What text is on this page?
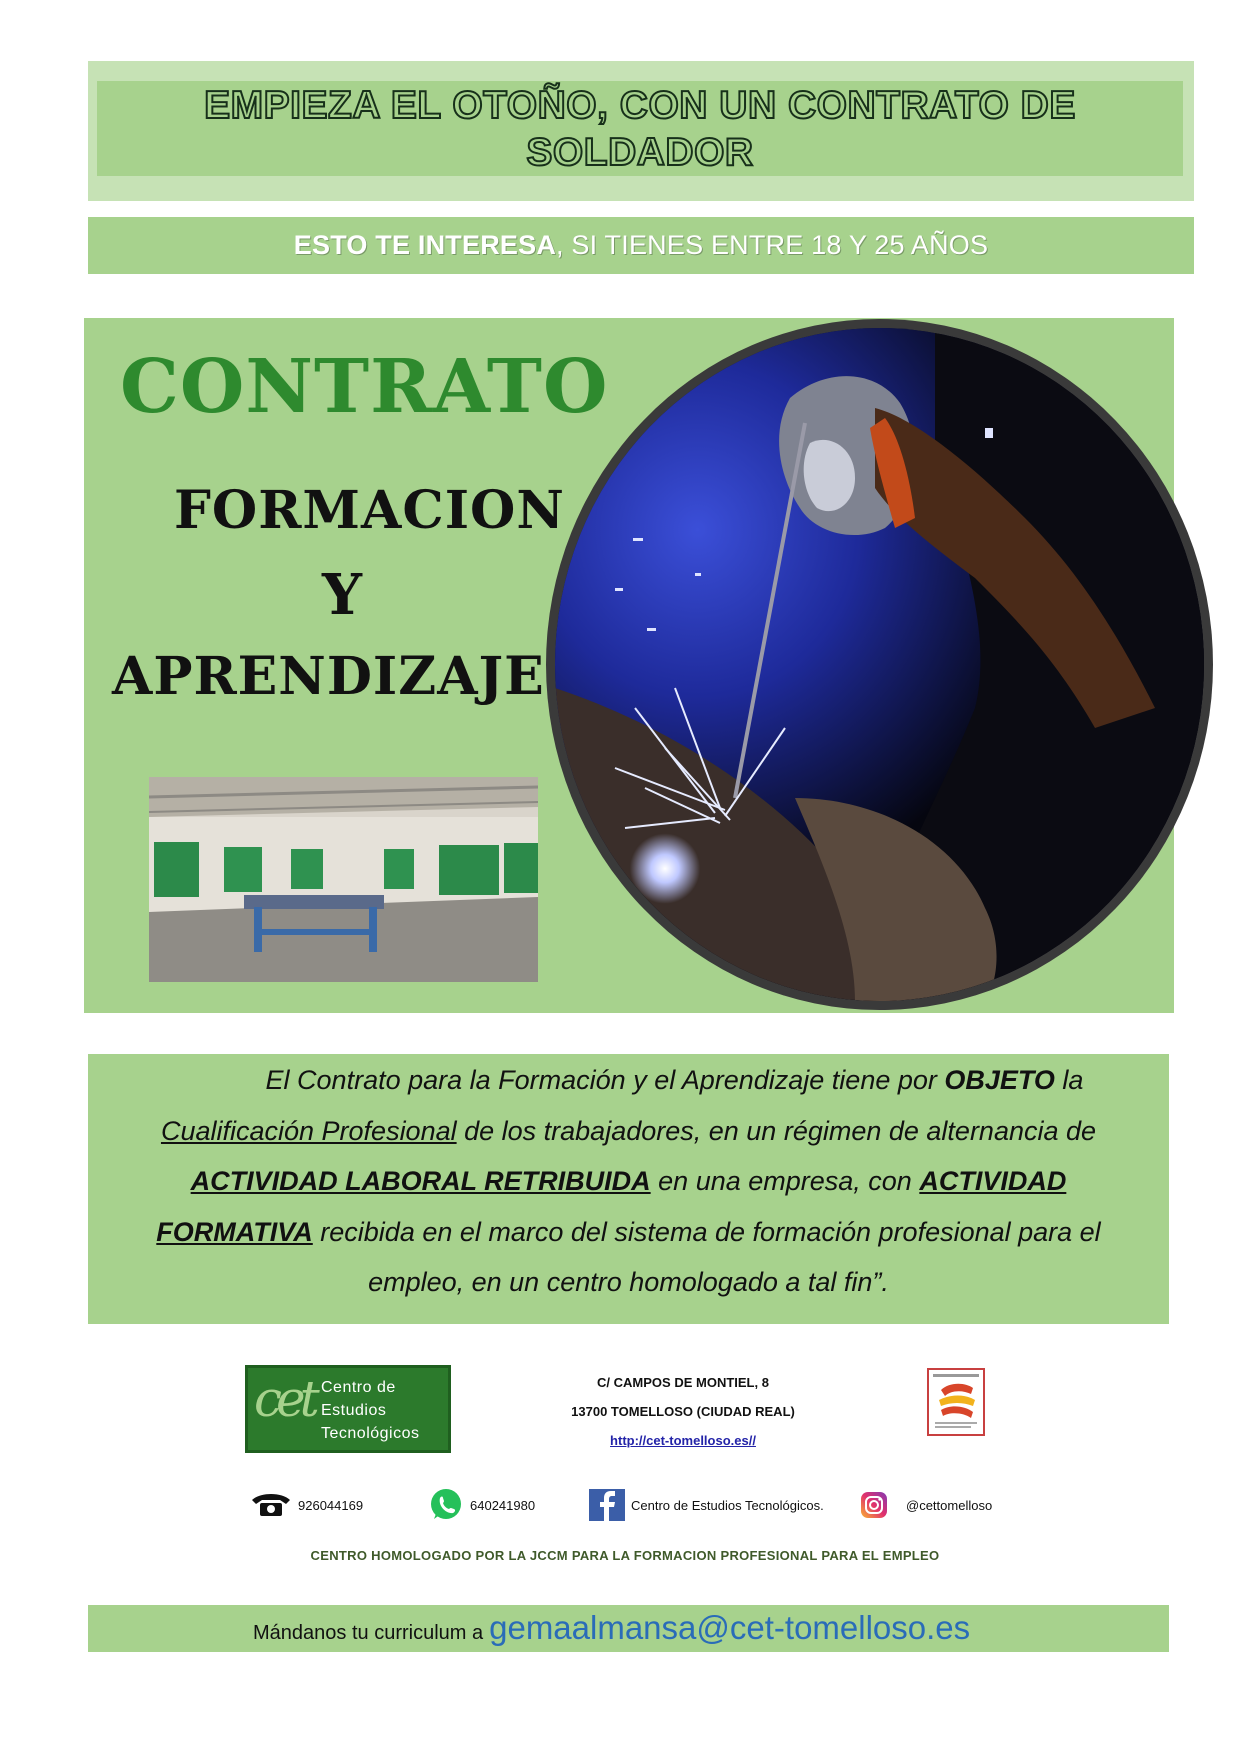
EMPIEZA EL OTOÑO, CON UN CONTRATO DE SOLDADOR
ESTO TE INTERESA, SI TIENES ENTRE 18 Y 25 AÑOS
CONTRATO
FORMACION
Y
APRENDIZAJE
El Contrato para la Formación y el Aprendizaje tiene por OBJETO la Cualificación Profesional de los trabajadores, en un régimen de alternancia de ACTIVIDAD LABORAL RETRIBUIDA en una empresa, con ACTIVIDAD FORMATIVA recibida en el marco del sistema de formación profesional para el empleo, en un centro homologado a tal fin”.
cet Centro de
Estudios
Tecnológicos
C/ CAMPOS DE MONTIEL, 8
13700 TOMELLOSO (CIUDAD REAL)
http://cet-tomelloso.es//
926044169	640241980	Centro de Estudios Tecnológicos.	@cettomelloso
CENTRO HOMOLOGADO POR LA JCCM PARA LA FORMACION PROFESIONAL PARA EL EMPLEO
Mándanos tu curriculum a gemaalmansa@cet-tomelloso.es
